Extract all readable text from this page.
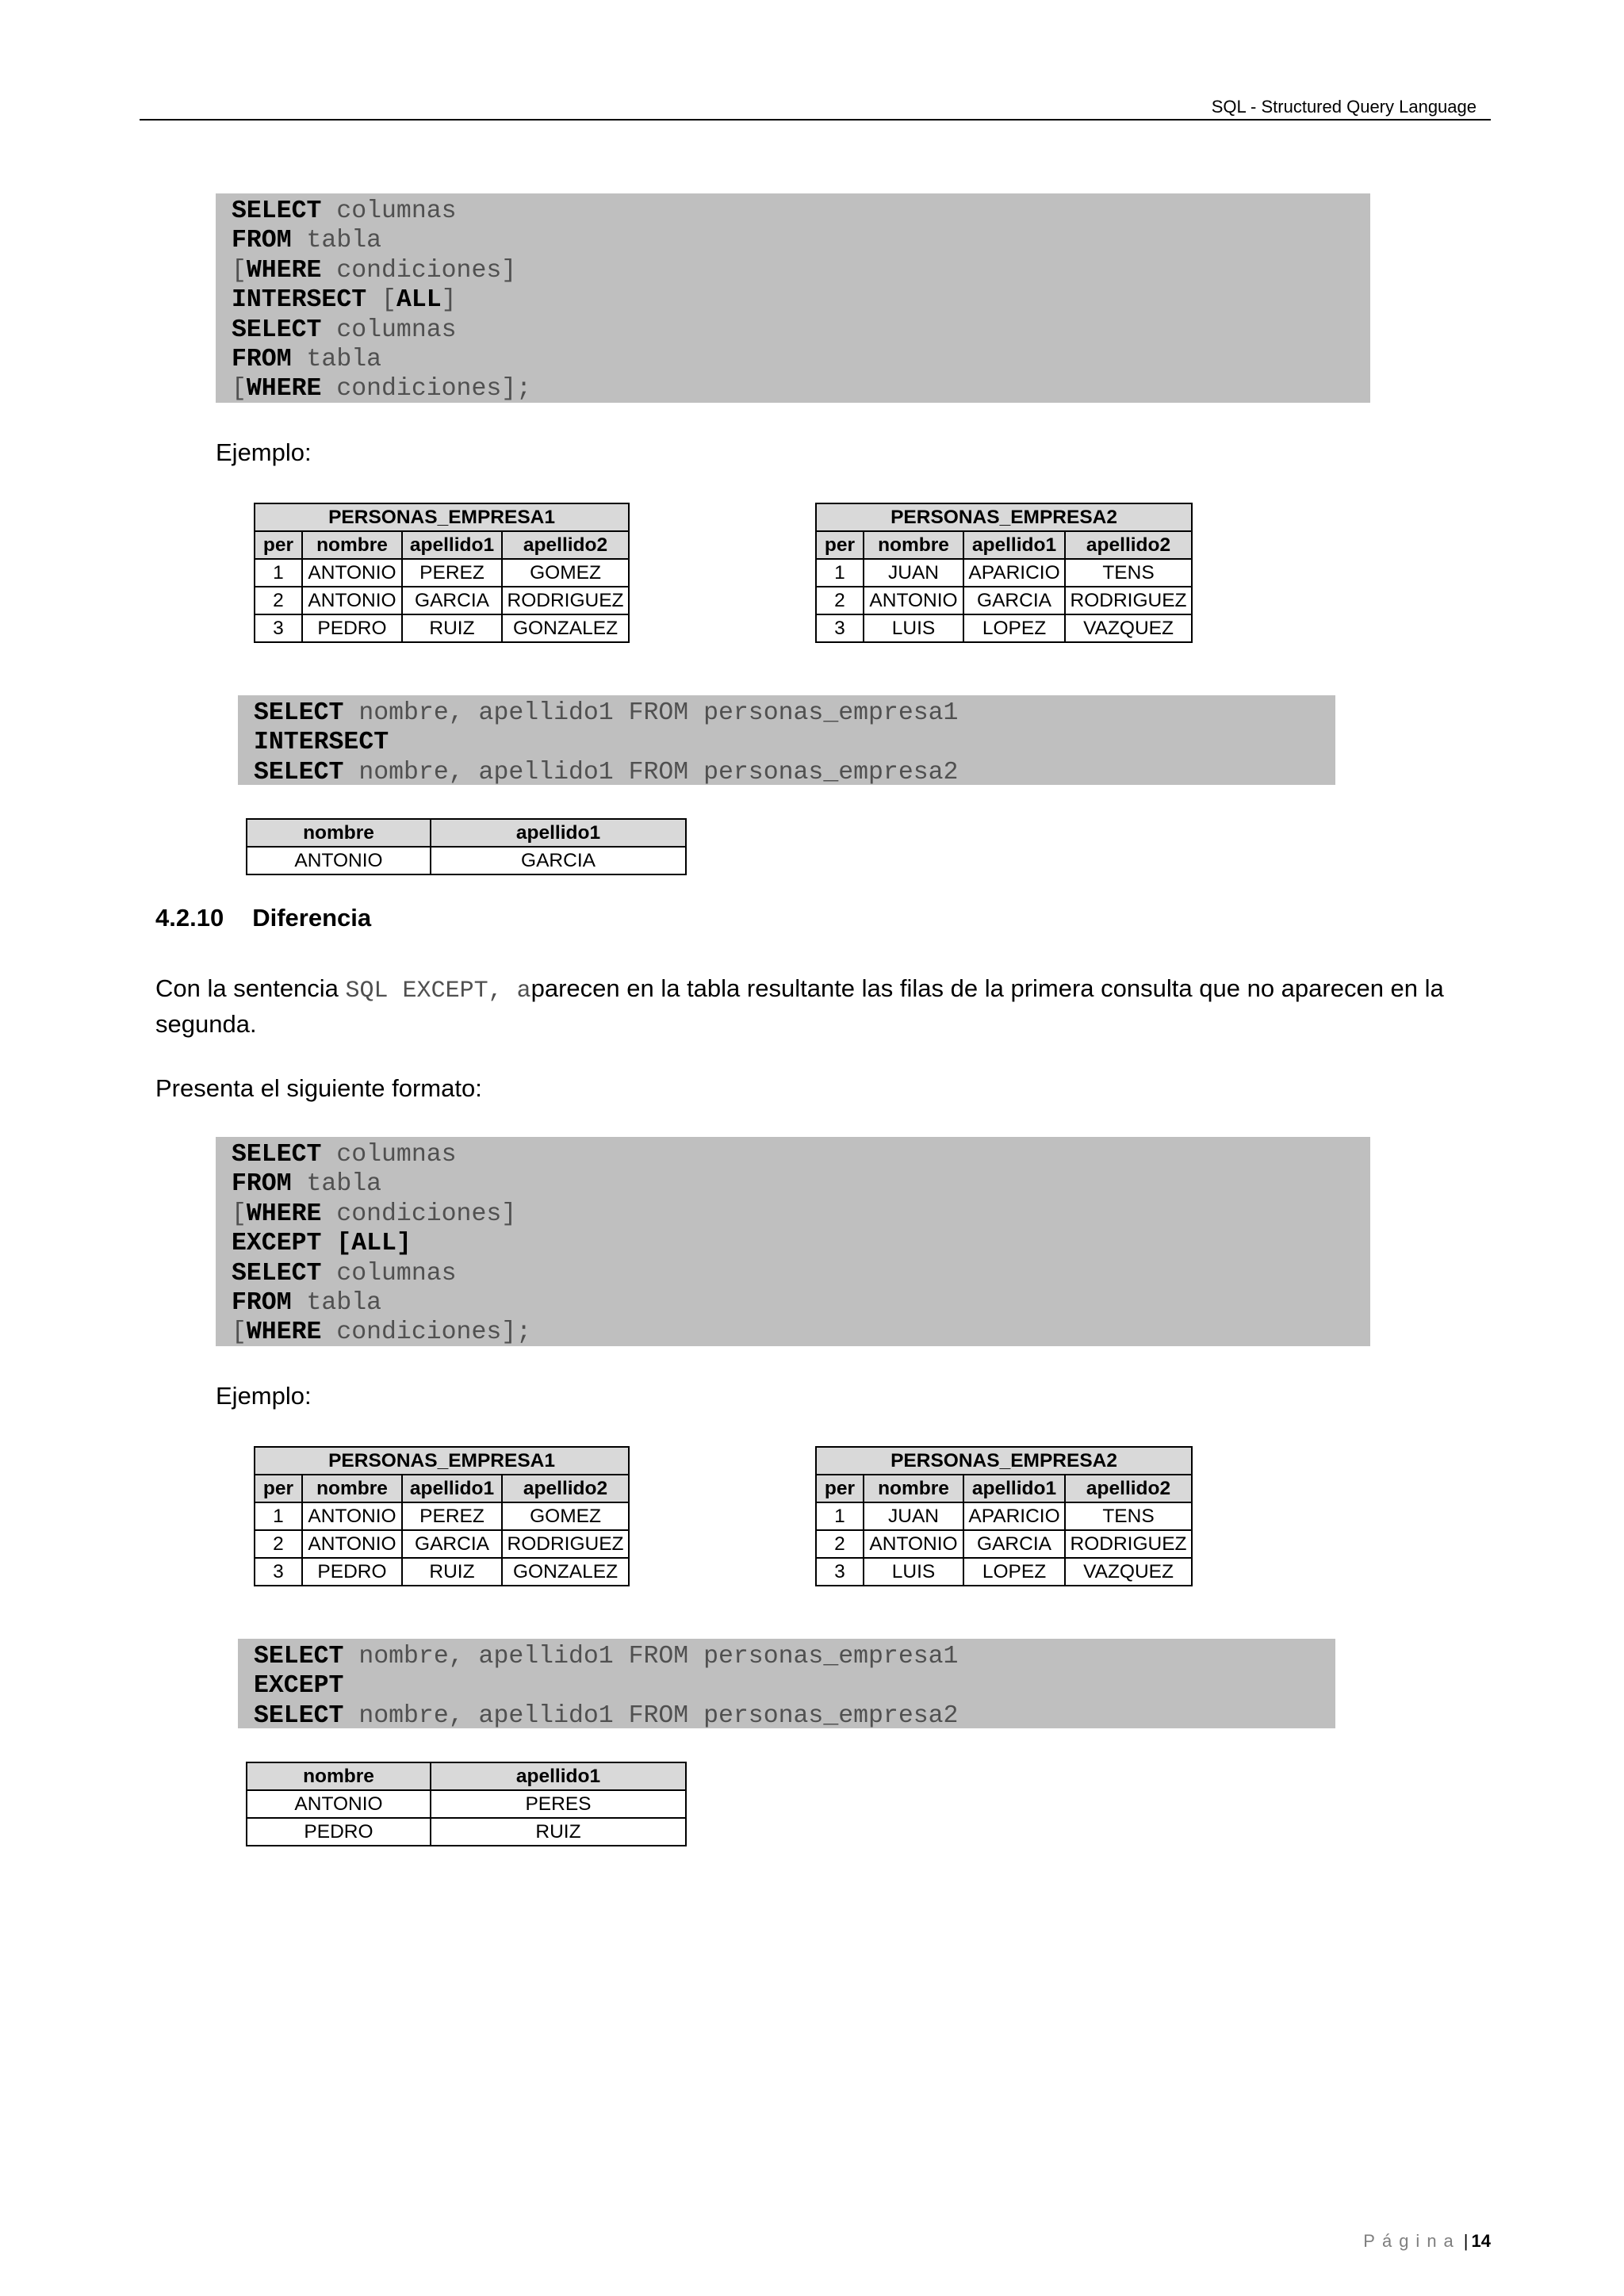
SQL - Structured Query Language
SELECT columnas
FROM tabla
[WHERE condiciones]
INTERSECT [ALL]
SELECT columnas
FROM tabla
[WHERE condiciones];
Ejemplo:
PERSONAS_EMPRESA1			
per	nombre	apellido1	apellido2
1	ANTONIO	PEREZ	GOMEZ
2	ANTONIO	GARCIA	RODRIGUEZ
3	PEDRO	RUIZ	GONZALEZ
PERSONAS_EMPRESA2			
per	nombre	apellido1	apellido2
1	JUAN	APARICIO	TENS
2	ANTONIO	GARCIA	RODRIGUEZ
3	LUIS	LOPEZ	VAZQUEZ
SELECT nombre, apellido1 FROM personas_empresa1
INTERSECT
SELECT nombre, apellido1 FROM personas_empresa2
nombre	apellido1
ANTONIO	GARCIA
4.2.10 Diferencia
Con la sentencia SQL EXCEPT, aparecen en la tabla resultante las filas de la primera consulta que no aparecen en la
segunda.
Presenta el siguiente formato:
SELECT columnas
FROM tabla
[WHERE condiciones]
EXCEPT [ALL]
SELECT columnas
FROM tabla
[WHERE condiciones];
Ejemplo:
PERSONAS_EMPRESA1			
per	nombre	apellido1	apellido2
1	ANTONIO	PEREZ	GOMEZ
2	ANTONIO	GARCIA	RODRIGUEZ
3	PEDRO	RUIZ	GONZALEZ
PERSONAS_EMPRESA2			
per	nombre	apellido1	apellido2
1	JUAN	APARICIO	TENS
2	ANTONIO	GARCIA	RODRIGUEZ
3	LUIS	LOPEZ	VAZQUEZ
SELECT nombre, apellido1 FROM personas_empresa1
EXCEPT
SELECT nombre, apellido1 FROM personas_empresa2
nombre	apellido1
ANTONIO	PERES
PEDRO	RUIZ
Página | 14
